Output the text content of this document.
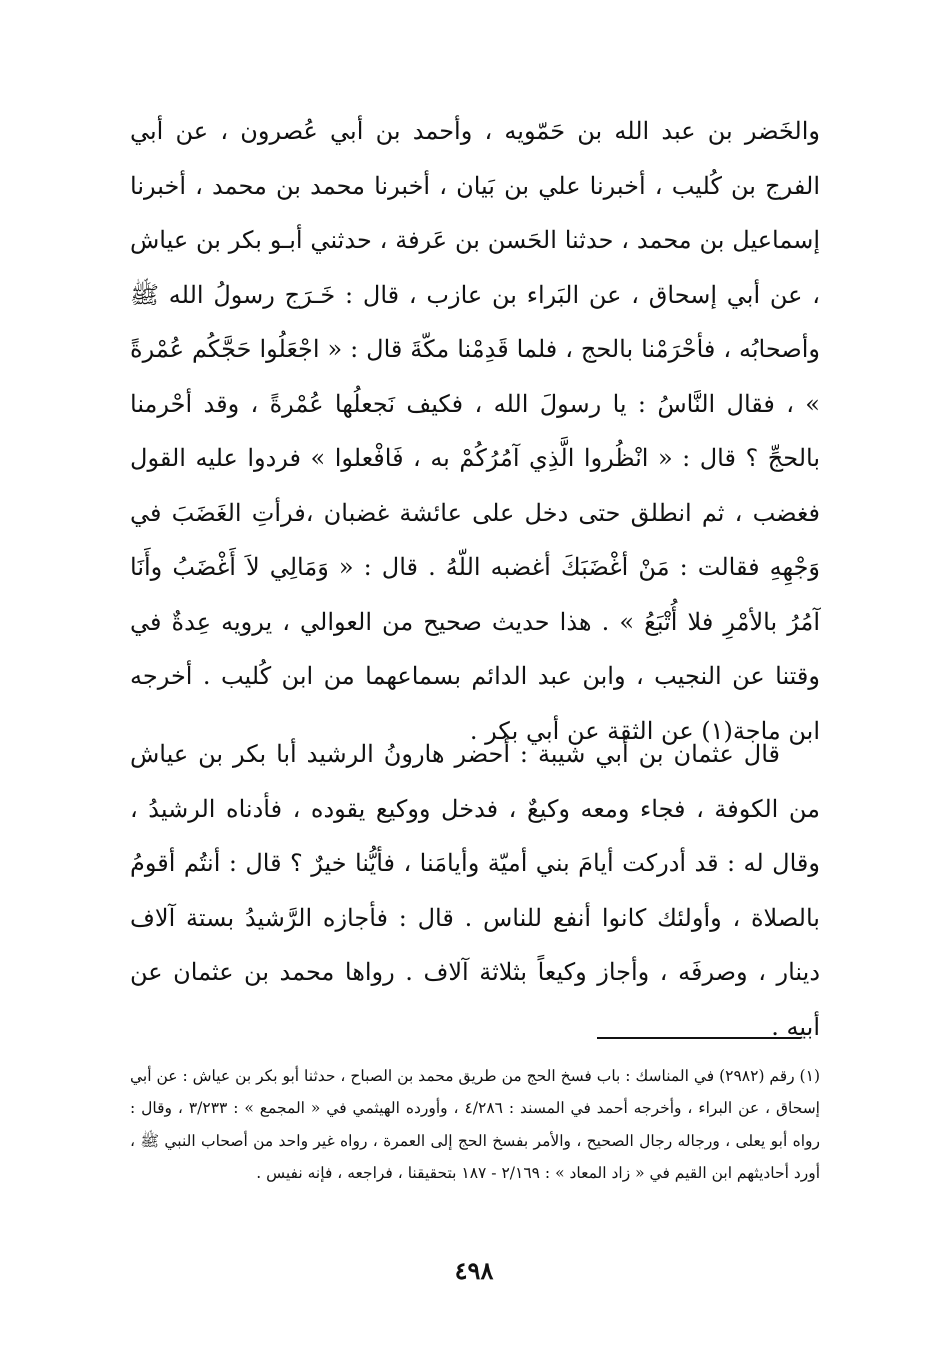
والخَضر بن عبد الله بن حَمّويه ، وأحمد بن أبي عُصرون ، عن أبي الفرج بن كُليب ، أخبرنا علي بن بَيان ، أخبرنا محمد بن محمد ، أخبرنا إسماعيل بن محمد ، حدثنا الحَسن بن عَرفة ، حدثني أبـو بكر بن عياش ، عن أبي إسحاق ، عن البَراء بن عازب ، قال : خَـرَج رسولُ الله ﷺ وأصحابُه ، فأحْرَمْنا بالحج ، فلما قَدِمْنا مكّةَ قال : « اجْعَلُوا حَجَّكُم عُمْرةً » ، فقال النَّاسُ : يا رسولَ الله ، فكيف نَجعلُها عُمْرةً ، وقد أحْرمنا بالحجِّ ؟ قال : « انْظُروا الَّذِي آمُرُكُمْ به ، فَافْعلوا » فردوا عليه القول فغضب ، ثم انطلق حتى دخل على عائشة غضبان ،فرأتِ الغَضَبَ في وَجْهِهِ فقالت : مَنْ أغْضَبَكَ أغضبه اللّهُ . قال : « وَمَالِي لاَ أَغْضَبُ وأَنَا آمُرُ بالأمْرِ فلا أُتْبَعُ » . هذا حديث صحيح من العوالي ، يرويه عِدةٌ في وقتنا عن النجيب ، وابن عبد الدائم بسماعهما من ابن كُليب . أخرجه ابن ماجة(١) عن الثقة عن أبي بكر .

قال عثمان بن أبي شيبة : أحضر هارونُ الرشيد أبا بكر بن عياش من الكوفة ، فجاء ومعه وكيعٌ ، فدخل ووكيع يقوده ، فأدناه الرشيدُ ، وقال له : قد أدركت أيامَ بني أميّة وأيامَنا ، فأيُّنا خيرٌ ؟ قال : أنتُم أقومُ بالصلاة ، وأولئك كانوا أنفع للناس . قال : فأجازه الرَّشيدُ بستة آلاف دينار ، وصرفَه ، وأجاز وكيعاً بثلاثة آلاف . رواها محمد بن عثمان عن أبيه .

(١) رقم (٢٩٨٢) في المناسك : باب فسخ الحج من طريق محمد بن الصباح ، حدثنا أبو بكر بن عياش : عن أبي إسحاق ، عن البراء ، وأخرجه أحمد في المسند : ٤/٢٨٦ ، وأورده الهيثمي في « المجمع » : ٣/٢٣٣ ، وقال : رواه أبو يعلى ، ورجاله رجال الصحيح ، والأمر بفسخ الحج إلى العمرة ، رواه غير واحد من أصحاب النبي ﷺ ، أورد أحاديثهم ابن القيم في « زاد المعاد » : ٢/١٦٩ - ١٨٧ بتحقيقنا ، فراجعه ، فإنه نفيس .

٤٩٨
